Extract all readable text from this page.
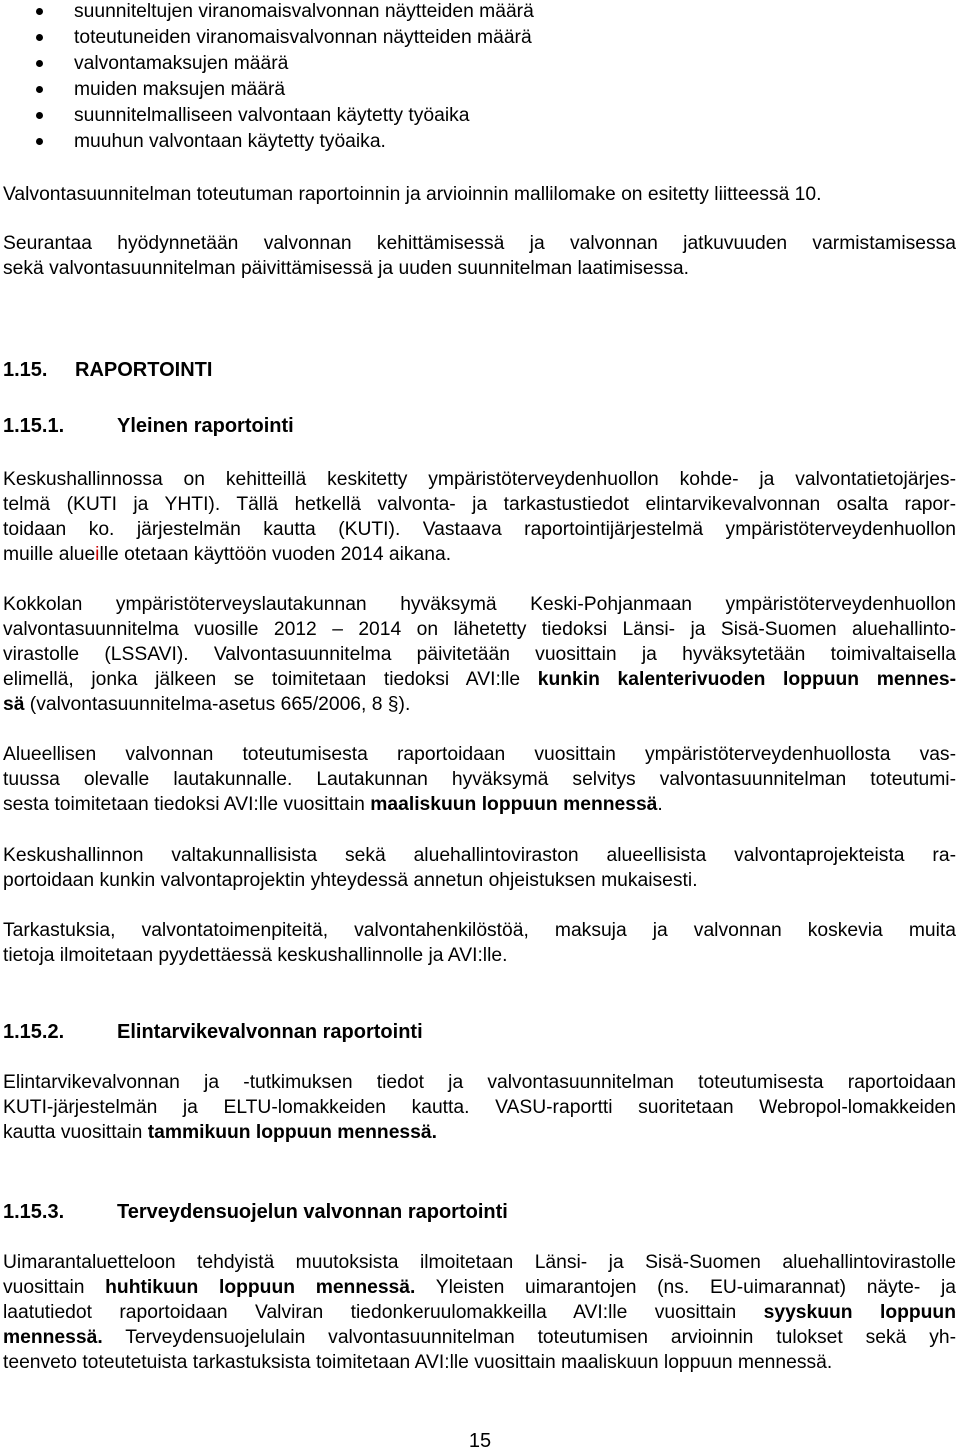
suunniteltujen viranomaisvalvonnan näytteiden määrä
toteutuneiden viranomaisvalvonnan näytteiden määrä
valvontamaksujen määrä
muiden maksujen määrä
suunnitelmalliseen valvontaan käytetty työaika
muuhun valvontaan käytetty työaika.
Valvontasuunnitelman toteutuman raportoinnin ja arvioinnin mallilomake on esitetty liitteessä 10.
Seurantaa hyödynnetään valvonnan kehittämisessä ja valvonnan jatkuvuuden varmistamisessa
sekä valvontasuunnitelman päivittämisessä ja uuden suunnitelman laatimisessa.
1.15. RAPORTOINTI
1.15.1.	Yleinen raportointi
Keskushallinnossa on kehitteillä keskitetty ympäristöterveydenhuollon kohde- ja valvontatietojärjes-
telmä (KUTI ja YHTI). Tällä hetkellä valvonta- ja tarkastustiedot elintarvikevalvonnan osalta rapor-
toidaan ko. järjestelmän kautta (KUTI). Vastaava raportointijärjestelmä ympäristöterveydenhuollon
muille alueille otetaan käyttöön vuoden 2014 aikana.
Kokkolan ympäristöterveyslautakunnan hyväksymä Keski-Pohjanmaan ympäristöterveydenhuollon
valvontasuunnitelma vuosille 2012 – 2014 on lähetetty tiedoksi Länsi- ja Sisä-Suomen aluehallinto-
virastolle (LSSAVI). Valvontasuunnitelma päivitetään vuosittain ja hyväksytetään toimivaltaisella
elimellä, jonka jälkeen se toimitetaan tiedoksi AVI:lle kunkin kalenterivuoden loppuun mennes-
sä (valvontasuunnitelma-asetus 665/2006, 8 §).
Alueellisen valvonnan toteutumisesta raportoidaan vuosittain ympäristöterveydenhuollosta vas-
tuussa olevalle lautakunnalle. Lautakunnan hyväksymä selvitys valvontasuunnitelman toteutumi-
sesta toimitetaan tiedoksi AVI:lle vuosittain maaliskuun loppuun mennessä.
Keskushallinnon valtakunnallisista sekä aluehallintoviraston alueellisista valvontaprojekteista ra-
portoidaan kunkin valvontaprojektin yhteydessä annetun ohjeistuksen mukaisesti.
Tarkastuksia, valvontatoimenpiteitä, valvontahenkilöstöä, maksuja ja valvonnan koskevia muita
tietoja ilmoitetaan pyydettäessä keskushallinnolle ja AVI:lle.
1.15.2.	Elintarvikevalvonnan raportointi
Elintarvikevalvonnan ja -tutkimuksen tiedot ja valvontasuunnitelman toteutumisesta raportoidaan
KUTI-järjestelmän ja ELTU-lomakkeiden kautta. VASU-raportti suoritetaan Webropol-lomakkeiden
kautta vuosittain tammikuun loppuun mennessä.
1.15.3.	Terveydensuojelun valvonnan raportointi
Uimarantaluetteloon tehdyistä muutoksista ilmoitetaan Länsi- ja Sisä-Suomen aluehallintovirastolle
vuosittain huhtikuun loppuun mennessä. Yleisten uimarantojen (ns. EU-uimarannat) näyte- ja
laatutiedot raportoidaan Valviran tiedonkeruulomakkeilla AVI:lle vuosittain syyskuun loppuun
mennessä. Terveydensuojelulain valvontasuunnitelman toteutumisen arvioinnin tulokset sekä yh-
teenveto toteutetuista tarkastuksista toimitetaan AVI:lle vuosittain maaliskuun loppuun mennessä.
15
